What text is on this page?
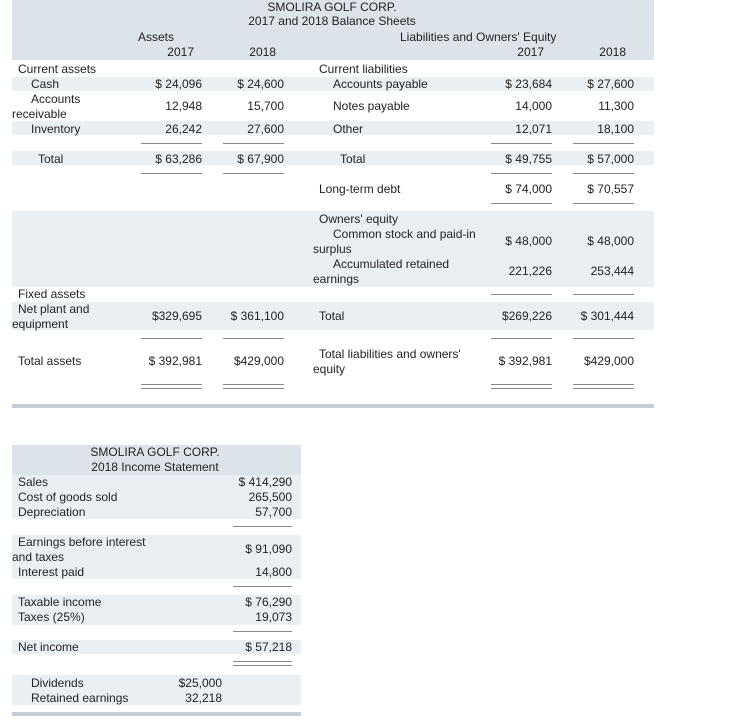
SMOLIRA GOLF CORP.
2017 and 2018 Balance Sheets
Assets	Liabilities and Owners' Equity
2017	2018	2017	2018
Current assets
Cash	$ 24,096	$ 24,600
Accounts
receivable
12,948	15,700
Inventory	26,242	27,600
Total	$ 63,286	$ 67,900
Fixed assets
Net plant and
equipment
$329,695	$ 361,100
Total assets	$ 392,981	$429,000
Current liabilities
Accounts payable	$ 23,684	$ 27,600
Notes payable	14,000	11,300
Other	12,071	18,100
Total	$ 49,755	$ 57,000
Long-term debt	$ 74,000	$ 70,557
Owners' equity
Common stock and paid-in
surplus
$ 48,000	$ 48,000
Accumulated retained
earnings
221,226	253,444
Total	$269,226	$ 301,444
Total liabilities and owners'
equity
$ 392,981	$429,000
SMOLIRA GOLF CORP.
2018 Income Statement
Sales	$ 414,290
Cost of goods sold	265,500
Depreciation	57,700
Earnings before interest
and taxes
$ 91,090
Interest paid	14,800
Taxable income	$ 76,290
Taxes (25%)	19,073
Net income	$ 57,218
Dividends	$25,000
Retained earnings	32,218
